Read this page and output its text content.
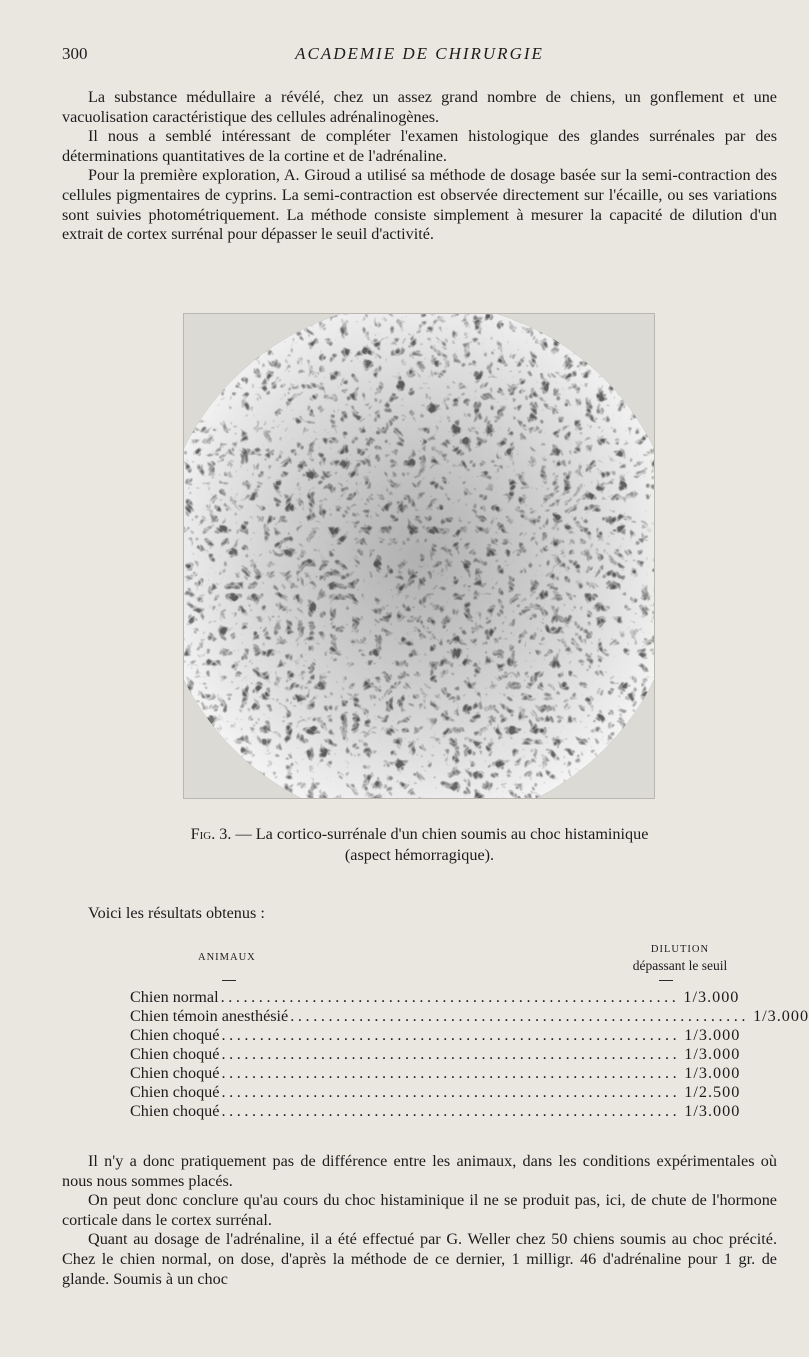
300	ACADEMIE DE CHIRURGIE

La substance médullaire a révélé, chez un assez grand nombre de chiens, un gonflement et une vacuolisation caractéristique des cellules adrénalinogènes.

Il nous a semblé intéressant de compléter l'examen histologique des glandes surrénales par des déterminations quantitatives de la cortine et de l'adrénaline.

Pour la première exploration, A. Giroud a utilisé sa méthode de dosage basée sur la semi-contraction des cellules pigmentaires de cyprins. La semi-contraction est observée directement sur l'écaille, ou ses variations sont suivies photométriquement. La méthode consiste simplement à mesurer la capacité de dilution d'un extrait de cortex surrénal pour dépasser le seuil d'activité.

Fig. 3. — La cortico-surrénale d'un chien soumis au choc histaminique
(aspect hémorragique).
Voici les résultats obtenus :
ANIMAUX
DILUTION
dépassant le seuil
Chien normal ............................................................ 1/3.000
Chien témoin anesthésié ............................................................ 1/3.000
Chien choqué ............................................................ 1/3.000
Chien choqué ............................................................ 1/3.000
Chien choqué ............................................................ 1/3.000
Chien choqué ............................................................ 1/2.500
Chien choqué ............................................................ 1/3.000

Il n'y a donc pratiquement pas de différence entre les animaux, dans les conditions expérimentales où nous nous sommes placés.

On peut donc conclure qu'au cours du choc histaminique il ne se produit pas, ici, de chute de l'hormone corticale dans le cortex surrénal.

Quant au dosage de l'adrénaline, il a été effectué par G. Weller chez 50 chiens soumis au choc précité. Chez le chien normal, on dose, d'après la méthode de ce dernier, 1 milligr. 46 d'adrénaline pour 1 gr. de glande. Soumis à un choc
